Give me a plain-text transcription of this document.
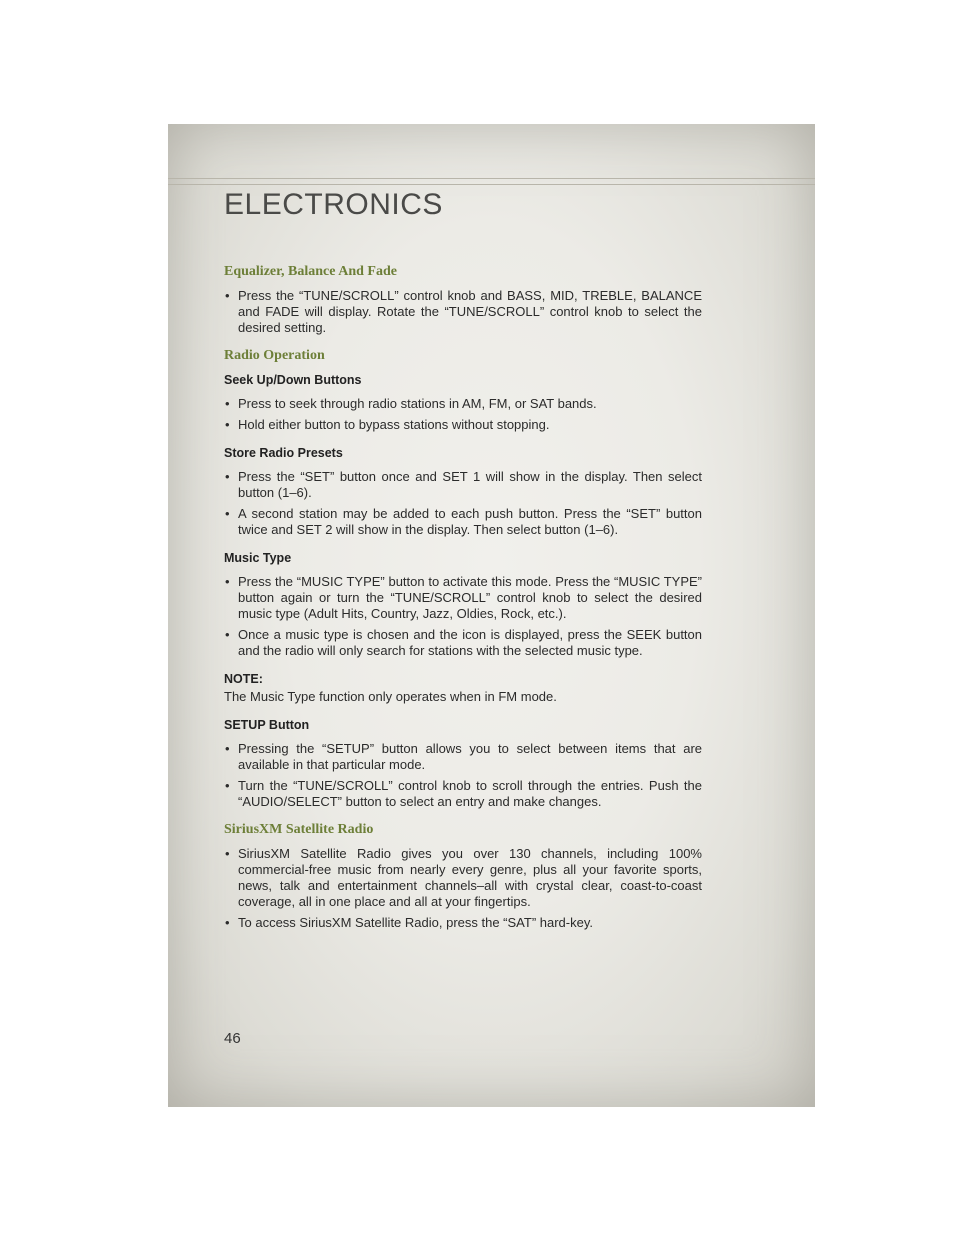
ELECTRONICS
Equalizer, Balance And Fade
• Press the “TUNE/SCROLL” control knob and BASS, MID, TREBLE, BALANCE and FADE will display. Rotate the “TUNE/SCROLL” control knob to select the desired setting.
Radio Operation
Seek Up/Down Buttons
• Press to seek through radio stations in AM, FM, or SAT bands.
• Hold either button to bypass stations without stopping.
Store Radio Presets
• Press the “SET” button once and SET 1 will show in the display. Then select button (1–6).
• A second station may be added to each push button. Press the “SET” button twice and SET 2 will show in the display. Then select button (1–6).
Music Type
• Press the “MUSIC TYPE” button to activate this mode. Press the “MUSIC TYPE” button again or turn the “TUNE/SCROLL” control knob to select the desired music type (Adult Hits, Country, Jazz, Oldies, Rock, etc.).
• Once a music type is chosen and the icon is displayed, press the SEEK button and the radio will only search for stations with the selected music type.
NOTE:

The Music Type function only operates when in FM mode.

SETUP Button
• Pressing the “SETUP” button allows you to select between items that are available in that particular mode.
• Turn the “TUNE/SCROLL” control knob to scroll through the entries. Push the “AUDIO/SELECT” button to select an entry and make changes.
SiriusXM Satellite Radio
• SiriusXM Satellite Radio gives you over 130 channels, including 100% commercial-free music from nearly every genre, plus all your favorite sports, news, talk and entertainment channels–all with crystal clear, coast-to-coast coverage, all in one place and all at your fingertips.
• To access SiriusXM Satellite Radio, press the “SAT” hard-key.
46
